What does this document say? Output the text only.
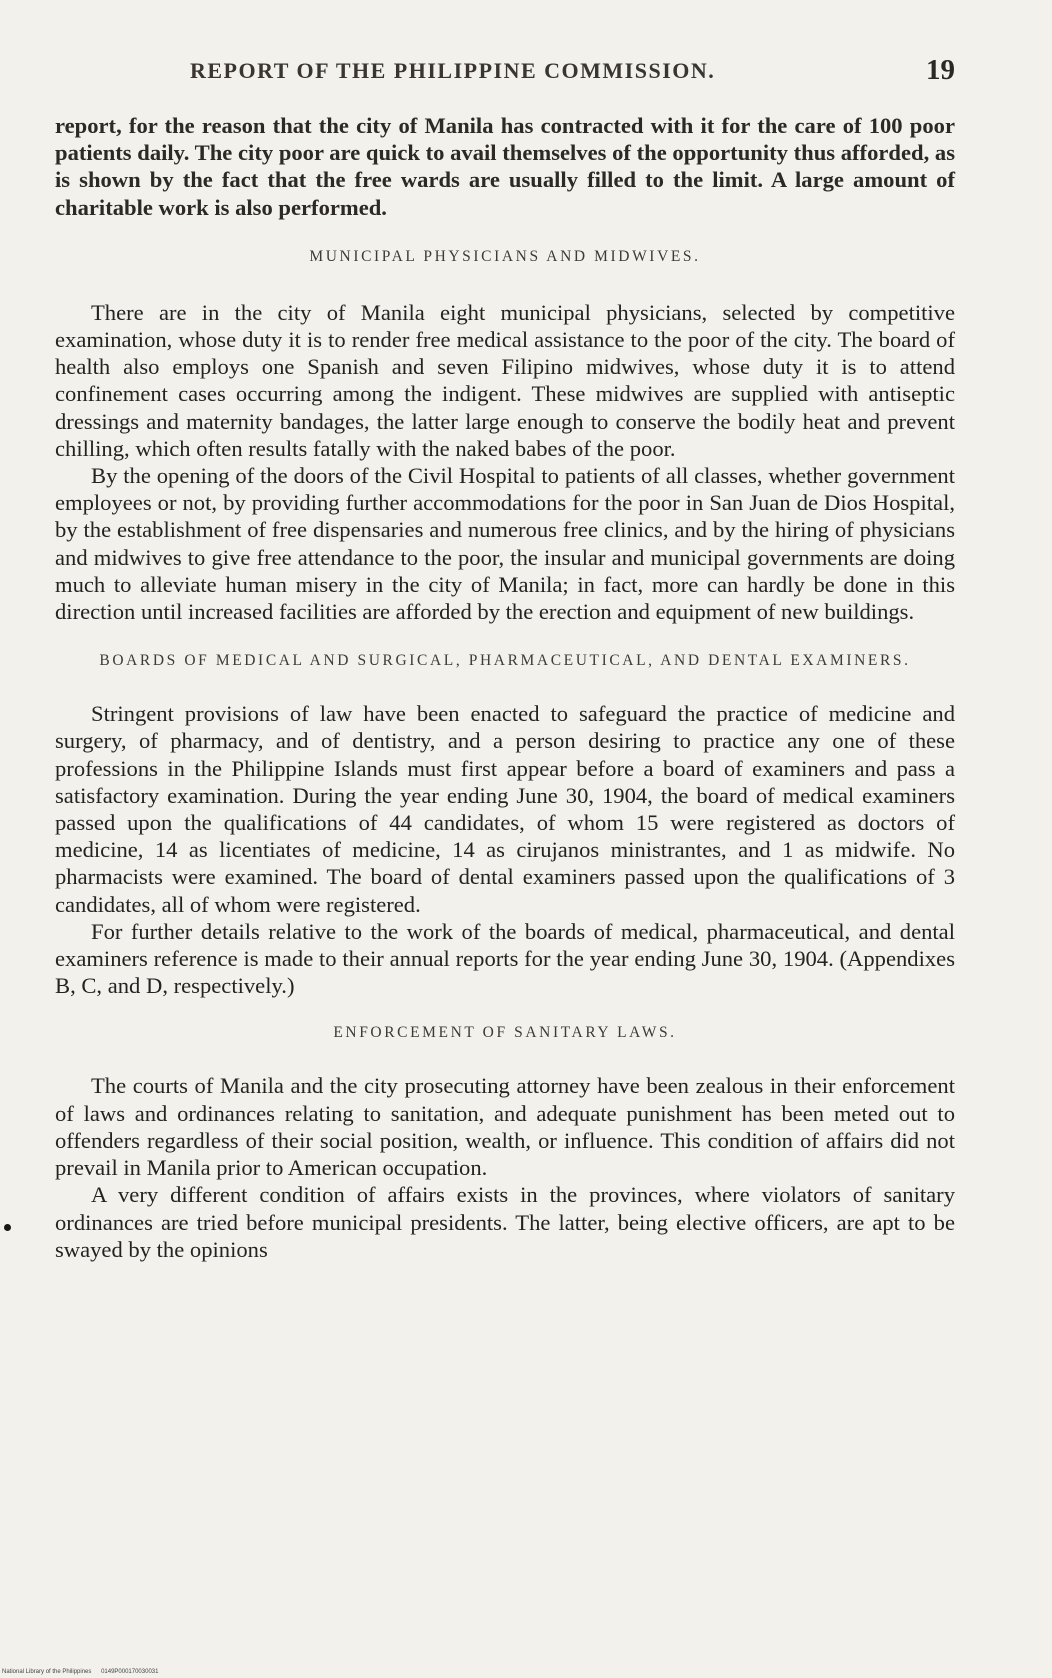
REPORT OF THE PHILIPPINE COMMISSION.	19

report, for the reason that the city of Manila has contracted with it for the care of 100 poor patients daily. The city poor are quick to avail themselves of the opportunity thus afforded, as is shown by the fact that the free wards are usually filled to the limit. A large amount of charitable work is also performed.

MUNICIPAL PHYSICIANS AND MIDWIVES.

There are in the city of Manila eight municipal physicians, selected by competitive examination, whose duty it is to render free medical assistance to the poor of the city. The board of health also employs one Spanish and seven Filipino midwives, whose duty it is to attend confinement cases occurring among the indigent. These midwives are supplied with antiseptic dressings and maternity bandages, the latter large enough to conserve the bodily heat and prevent chilling, which often results fatally with the naked babes of the poor.

By the opening of the doors of the Civil Hospital to patients of all classes, whether government employees or not, by providing further accommodations for the poor in San Juan de Dios Hospital, by the establishment of free dispensaries and numerous free clinics, and by the hiring of physicians and midwives to give free attendance to the poor, the insular and municipal governments are doing much to alleviate human misery in the city of Manila; in fact, more can hardly be done in this direction until increased facilities are afforded by the erection and equipment of new buildings.

BOARDS OF MEDICAL AND SURGICAL, PHARMACEUTICAL, AND DENTAL EXAMINERS.

Stringent provisions of law have been enacted to safeguard the practice of medicine and surgery, of pharmacy, and of dentistry, and a person desiring to practice any one of these professions in the Philippine Islands must first appear before a board of examiners and pass a satisfactory examination. During the year ending June 30, 1904, the board of medical examiners passed upon the qualifications of 44 candidates, of whom 15 were registered as doctors of medicine, 14 as licentiates of medicine, 14 as cirujanos ministrantes, and 1 as midwife. No pharmacists were examined. The board of dental examiners passed upon the qualifications of 3 candidates, all of whom were registered.

For further details relative to the work of the boards of medical, pharmaceutical, and dental examiners reference is made to their annual reports for the year ending June 30, 1904. (Appendixes B, C, and D, respectively.)

ENFORCEMENT OF SANITARY LAWS.

The courts of Manila and the city prosecuting attorney have been zealous in their enforcement of laws and ordinances relating to sanitation, and adequate punishment has been meted out to offenders regardless of their social position, wealth, or influence. This condition of affairs did not prevail in Manila prior to American occupation.

A very different condition of affairs exists in the provinces, where violators of sanitary ordinances are tried before municipal presidents. The latter, being elective officers, are apt to be swayed by the opinions

National Library of the Philippines 0149P000170030031
